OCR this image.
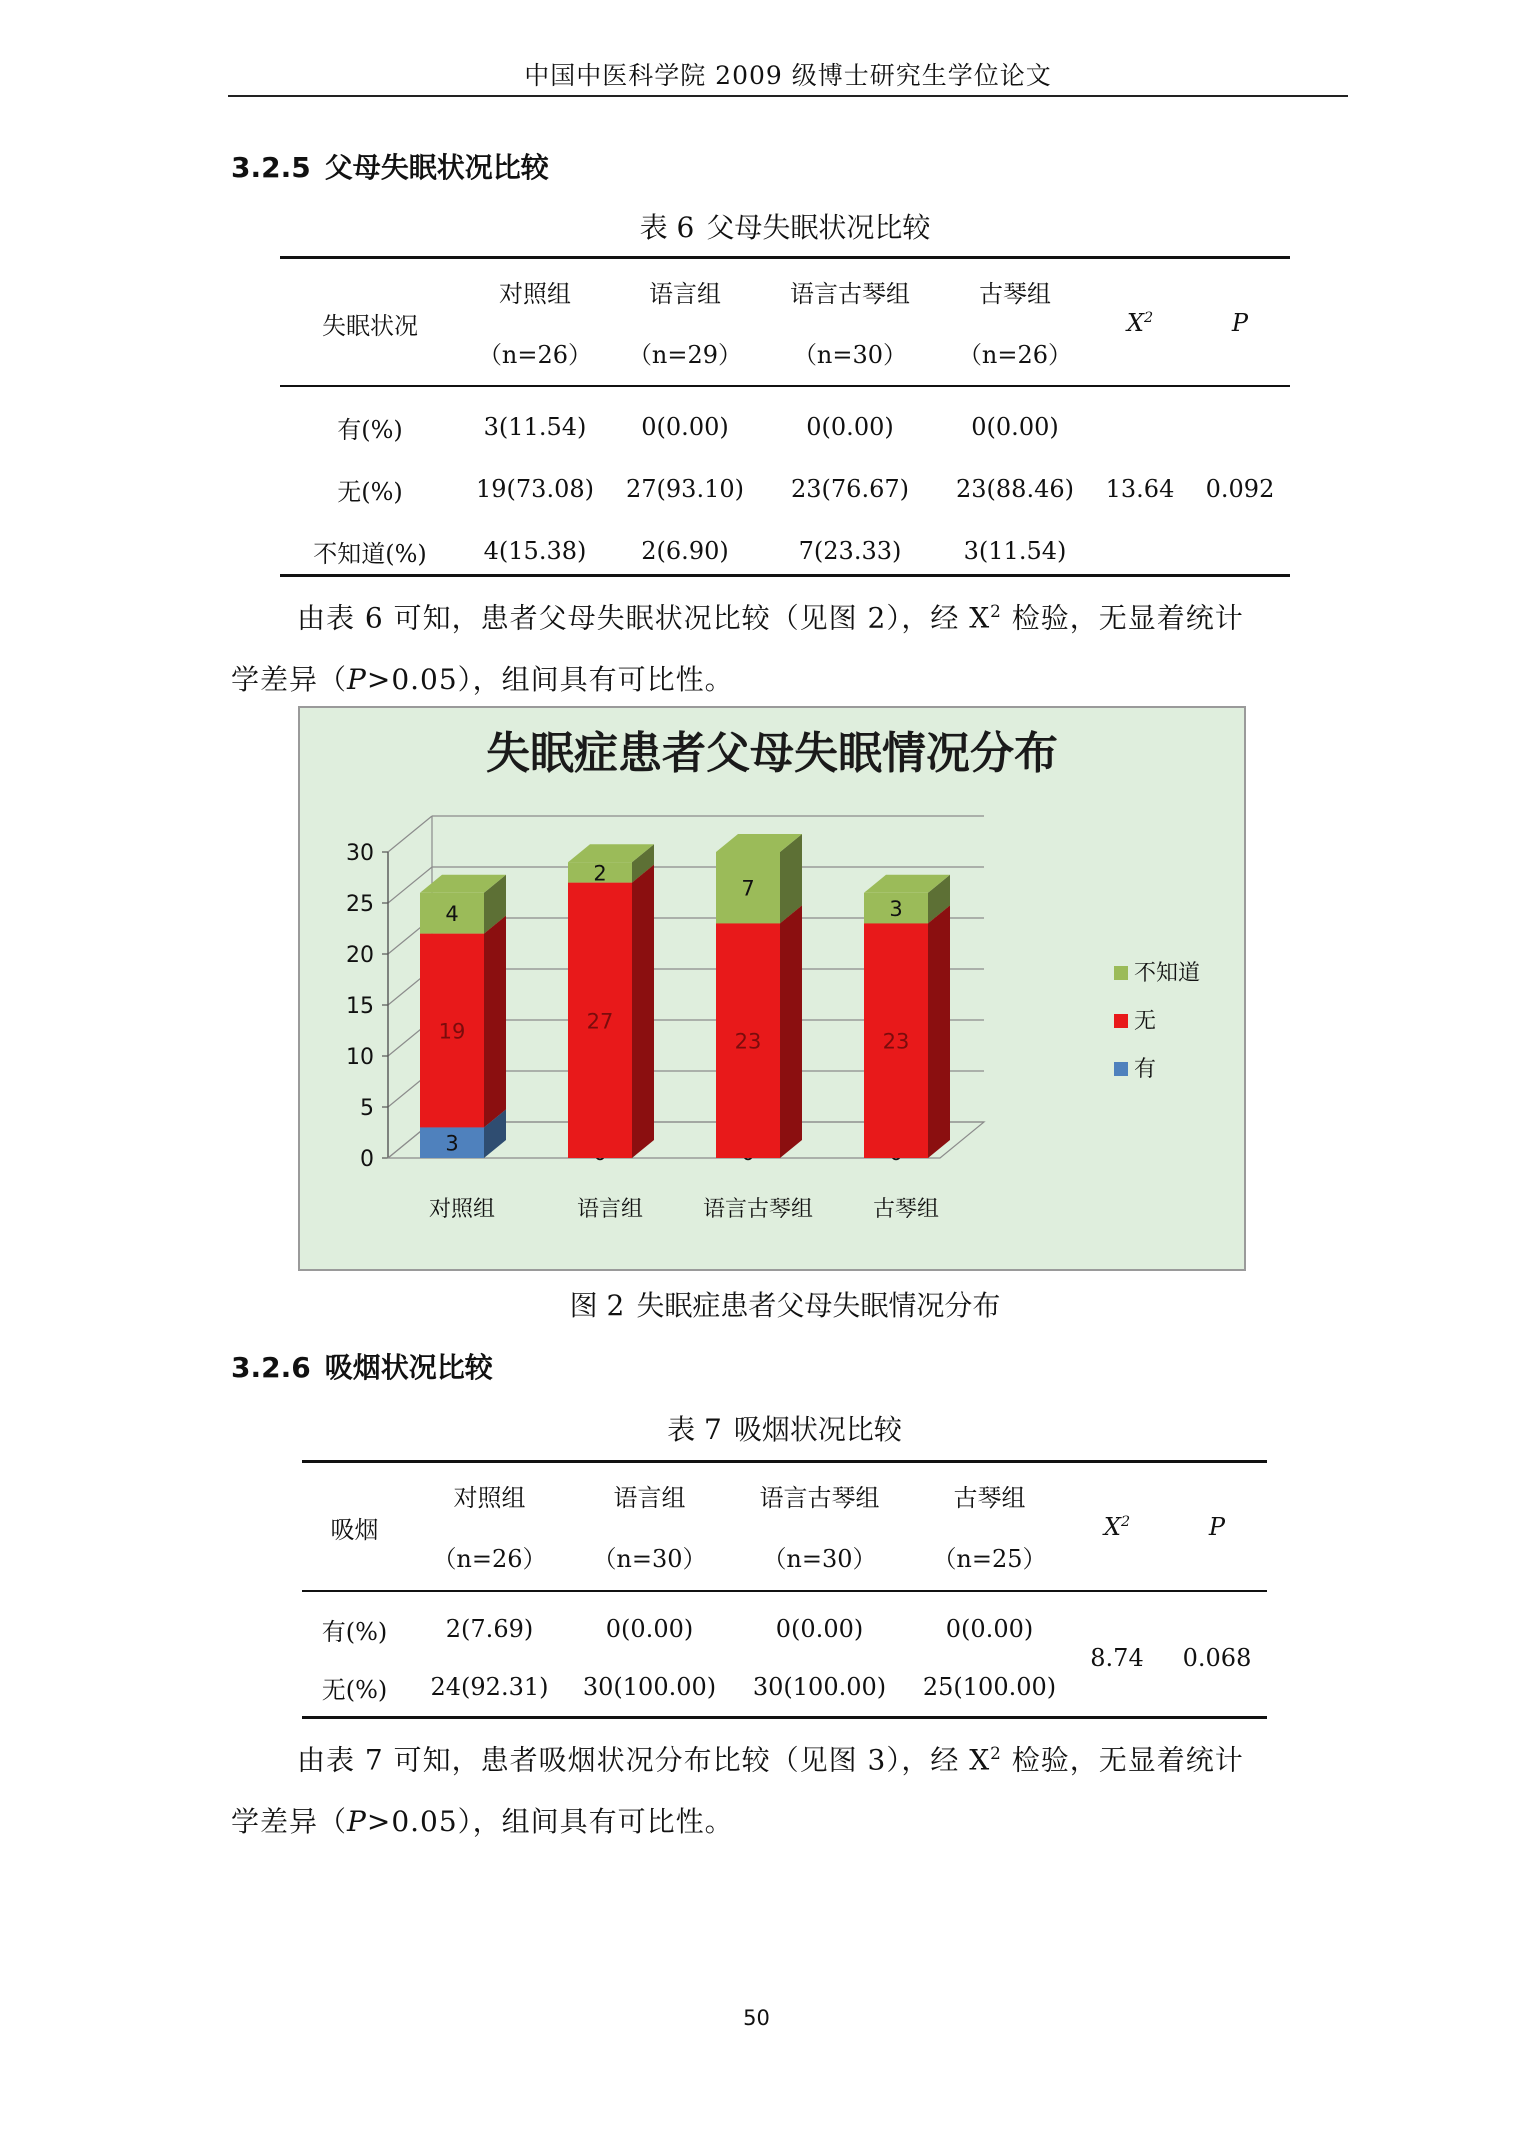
中国中医科学院 2009 级博士研究生学位论文
3.2.5 父母失眠状况比较
表 6 父母失眠状况比较
失眠状况	对照组	语言组	语言古琴组	古琴组	$X^2$	P
	（n=26）	（n=29）	（n=30）	（n=26）		

有(%)	3(11.54)	0(0.00)	0(0.00)	0(0.00)	13.64	0.092
无(%)	19(73.08)	27(93.10)	23(76.67)	23(88.46)		
不知道(%)	4(15.38)	2(6.90)	7(23.33)	3(11.54)		
由表 6 可知，患者父母失眠状况比较（见图 2），经 $X^2$ 检验，无显着统计
学差异（P>0.05），组间具有可比性。
失眠症患者父母失眠情况分布
0
5
10
15
20
25
30
3
19
4
27
2
23
7
23
3
对照组	语言组	语言古琴组	古琴组
不知道
无
有
图 2 失眠症患者父母失眠情况分布
3.2.6 吸烟状况比较
表 7 吸烟状况比较
吸烟	对照组	语言组	语言古琴组	古琴组	$X^2$	P
	（n=26）	（n=30）	（n=30）	（n=25）		

有(%)	2(7.69)	0(0.00)	0(0.00)	0(0.00)	8.74	0.068
无(%)	24(92.31)	30(100.00)	30(100.00)	25(100.00)		
由表 7 可知，患者吸烟状况分布比较（见图 3），经 $X^2$ 检验，无显着统计
学差异（P>0.05），组间具有可比性。
50
